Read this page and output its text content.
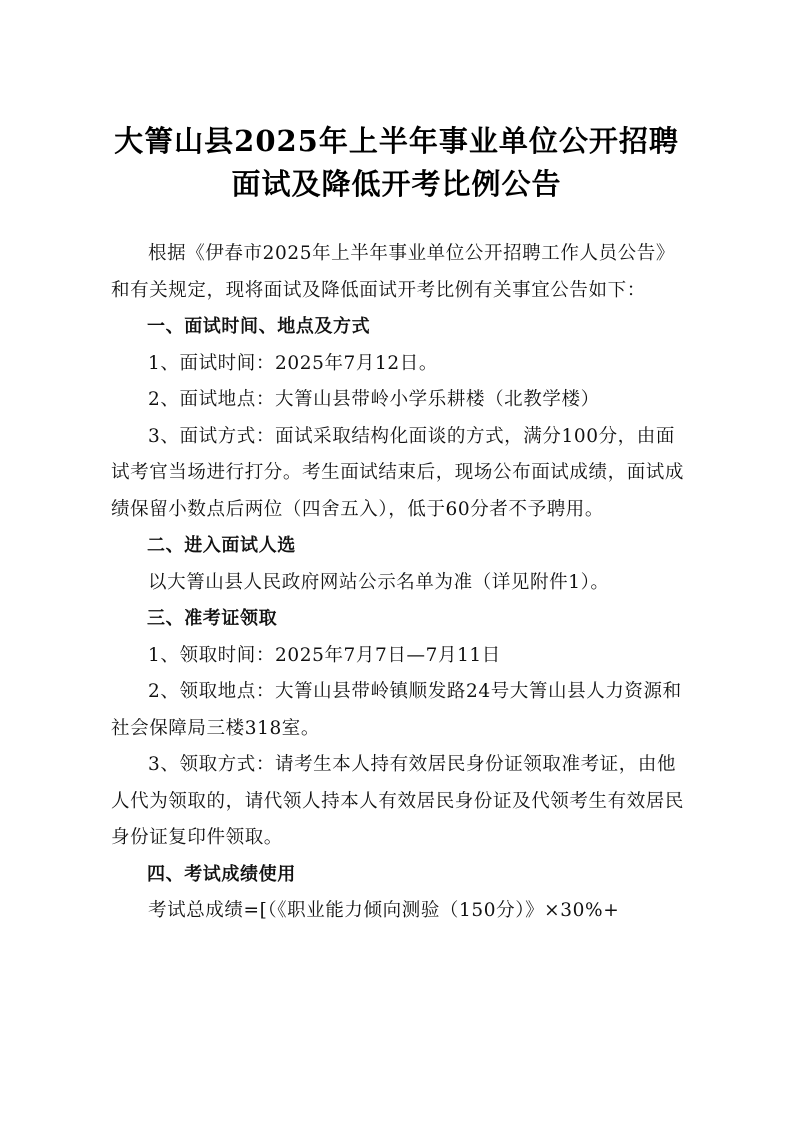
大箐山县2025年上半年事业单位公开招聘
面试及降低开考比例公告

根据《伊春市2025年上半年事业单位公开招聘工作人员公告》和有关规定，现将面试及降低面试开考比例有关事宜公告如下：

一、面试时间、地点及方式

1、面试时间：2025年7月12日。

2、面试地点：大箐山县带岭小学乐耕楼（北教学楼）

3、面试方式：面试采取结构化面谈的方式，满分100分，由面试考官当场进行打分。考生面试结束后，现场公布面试成绩，面试成绩保留小数点后两位（四舍五入），低于60分者不予聘用。

二、进入面试人选

以大箐山县人民政府网站公示名单为准（详见附件1）。

三、准考证领取

1、领取时间：2025年7月7日—7月11日

2、领取地点：大箐山县带岭镇顺发路24号大箐山县人力资源和社会保障局三楼318室。

3、领取方式：请考生本人持有效居民身份证领取准考证，由他人代为领取的，请代领人持本人有效居民身份证及代领考生有效居民身份证复印件领取。

四、考试成绩使用

考试总成绩=[（《职业能力倾向测验（150分）》×30%+
